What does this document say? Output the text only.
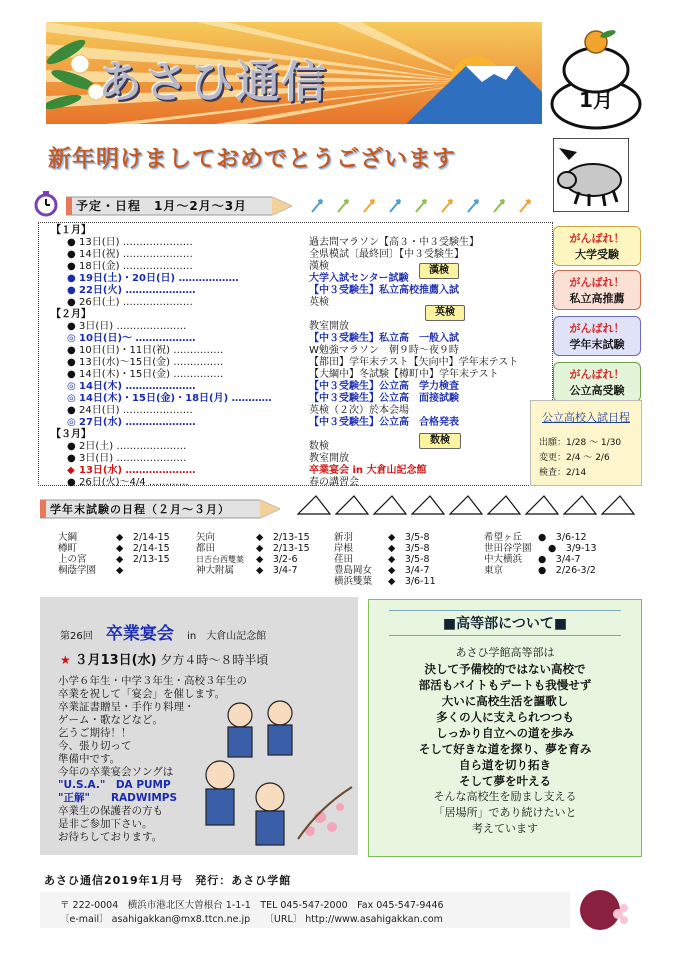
あさひ通信	1月
新年明けましておめでとうございます
予定・日程　1月～2月～3月
【１月】
● 13日(日) …………………	過去問マラソン【高３・中３受験生】
● 14日(祝) …………………	全県模試〔最終回〕【中３受験生】
● 18日(金) …………………	漢検
● 19日(土)・20日(日) ………………	大学入試センター試験
● 22日(火) …………………	【中３受験生】私立高校推薦入試
● 26日(土) …………………	英検
【２月】
● 3日(日) …………………	教室開放
◎ 10日(日)～ ………………	【中３受験生】私立高　一般入試
● 10日(日)・11日(祝) ……………	W勉強マラソン　朝９時～夜９時
● 13日(水)～15日(金) ……………	【都田】学年末テスト【矢向中】学年末テスト
● 14日(木)・15日(金) ……………	【大綱中】冬試験【樽町中】学年末テスト
◎ 14日(木) …………………	【中３受験生】公立高　学力検査
◎ 14日(木)・15日(金)・18日(月) …………	【中３受験生】公立高　面接試験
● 24日(日) …………………	英検（２次）於本会場
◎ 27日(水) …………………	【中３受験生】公立高　合格発表
【３月】
● 2日(土) …………………	数検
● 3日(日) …………………	教室開放
◆ 13日(水) …………………	卒業宴会 in 大倉山記念館
● 26日(火)～4/4 …………	春の講習会
漢検
英検
数検
がんばれ！
大学受験
がんばれ！
私立高推薦
がんばれ！
学年末試験
がんばれ！
公立高受験
公立高校入試日程
出願：1/28 ～ 1/30
変更：2/4 ～ 2/6
検査：2/14
学年末試験の日程（２月～３月）
大綱	◆　2/14-15
樽町	◆　2/14-15
上の宮	◆　2/13-15
桐蔭学園 ◆
矢向	◆　2/13-15
都田	◆　2/13-15
日吉台西雙葉 ◆　3/2-6
神大附属 ◆　3/4-7
新羽	◆　3/5-8
岸根	◆　3/5-8
荏田	◆　3/5-8
豊島岡女 ◆　3/4-7
横浜雙葉 ◆　3/6-11
希望ヶ丘 ●　3/6-12
世田谷学園 ●　3/9-13
中大横浜 ●　3/4-7
東京	●　2/26-3/2
第26回　 卒業宴会　 in　大倉山記念館
★ ３月13日(水) 夕方４時～８時半頃
小学６年生・中学３年生・高校３年生の
卒業を祝して「宴会」を催します。
卒業証書贈呈・手作り料理・
ゲーム・歌などなど。
乞うご期待！！
今、張り切って
準備中です。
今年の卒業宴会ソングは
"U.S.A."　DA PUMP
"正解"　　RADWIMPS
卒業生の保護者の方も
是非ご参加下さい。
お待ちしております。
■高等部について■
あさひ学館高等部は
決して予備校的ではない高校で
部活もバイトもデートも我慢せず
大いに高校生活を謳歌し
多くの人に支えられつつも
しっかり自立への道を歩み
そして好きな道を探り、夢を育み
自ら道を切り拓き
そして夢を叶える
そんな高校生を励まし支える
「居場所」であり続けたいと
考えています
あさひ通信2019年1月号　発行：あさひ学館
〒 222-0004　横浜市港北区大曽根台 1-1-1　TEL 045-547-2000　Fax 045-547-9446
〔e-mail〕 asahigakkan@mx8.ttcn.ne.jp　　〔URL〕 http://www.asahigakkan.com
